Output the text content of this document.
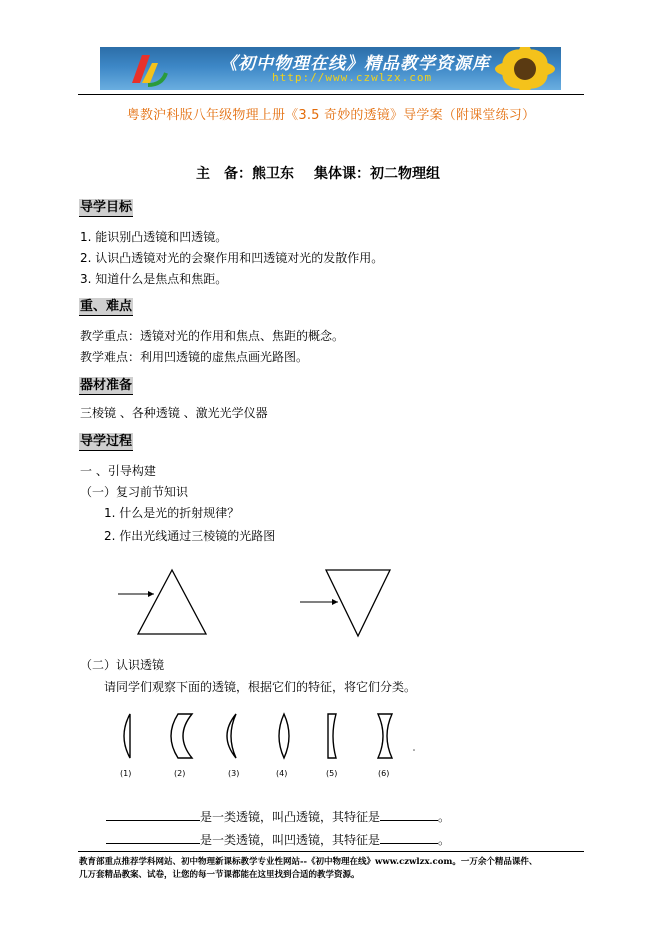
《初中物理在线》精品教学资源库
http://www.czwlzx.com
粤教沪科版八年级物理上册《3.5 奇妙的透镜》导学案（附课堂练习）
主　备：熊卫东 集体课：初二物理组
导学目标
1. 能识别凸透镜和凹透镜。
2. 认识凸透镜对光的会聚作用和凹透镜对光的发散作用。
3. 知道什么是焦点和焦距。
重、难点
教学重点：透镜对光的作用和焦点、焦距的概念。
教学难点：利用凹透镜的虚焦点画光路图。
器材准备
三棱镜 、各种透镜 、激光光学仪器
导学过程
一 、引导构建
（一）复习前节知识
1. 什么是光的折射规律？
2. 作出光线通过三棱镜的光路图
（二）认识透镜
请同学们观察下面的透镜，根据它们的特征，将它们分类。
(1)	(2)	(3)	(4)	(5)	(6)
是一类透镜，叫凸透镜，其特征是	。
是一类透镜，叫凹透镜，其特征是	。
教育部重点推荐学科网站、初中物理新课标教学专业性网站--《初中物理在线》www.czwlzx.com。一万余个精品课件、
几万套精品教案、试卷，让您的每一节课都能在这里找到合适的教学资源。
